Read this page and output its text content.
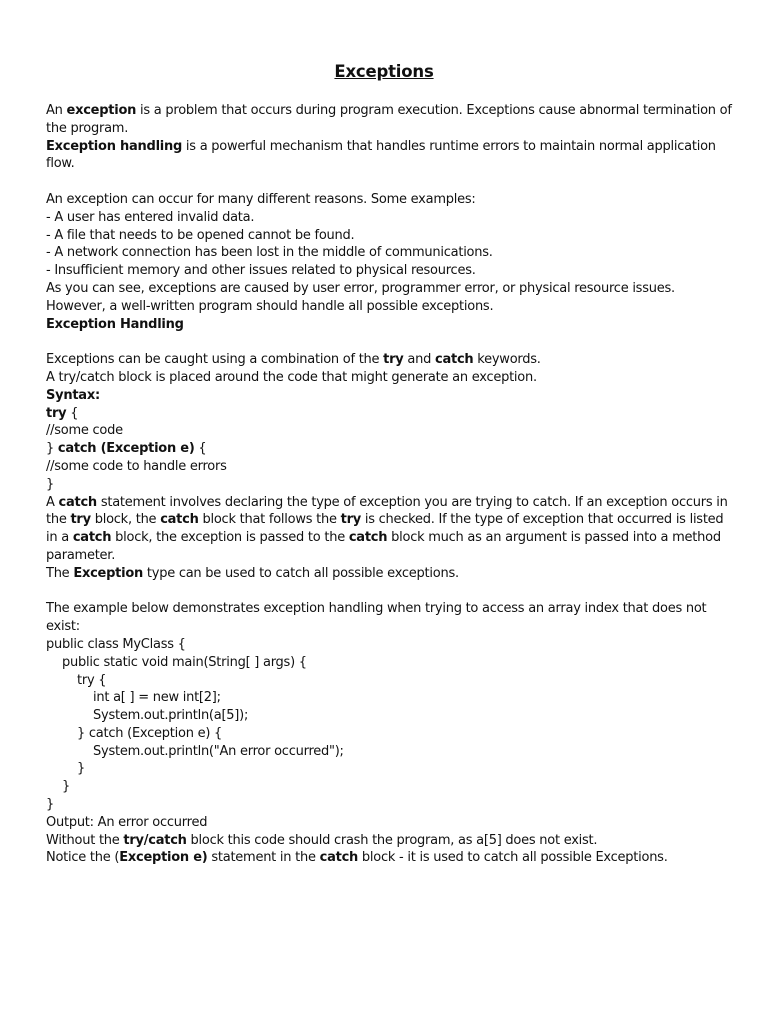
Exceptions
An exception is a problem that occurs during program execution. Exceptions cause abnormal termination of
the program.
Exception handling is a powerful mechanism that handles runtime errors to maintain normal application
flow.
An exception can occur for many different reasons. Some examples:
- A user has entered invalid data.
- A file that needs to be opened cannot be found.
- A network connection has been lost in the middle of communications.
- Insufficient memory and other issues related to physical resources.
As you can see, exceptions are caused by user error, programmer error, or physical resource issues.
However, a well-written program should handle all possible exceptions.
Exception Handling
Exceptions can be caught using a combination of the try and catch keywords.
A try/catch block is placed around the code that might generate an exception.
Syntax:
try {
//some code
} catch (Exception e) {
//some code to handle errors
}
A catch statement involves declaring the type of exception you are trying to catch. If an exception occurs in
the try block, the catch block that follows the try is checked. If the type of exception that occurred is listed
in a catch block, the exception is passed to the catch block much as an argument is passed into a method
parameter.
The Exception type can be used to catch all possible exceptions.
The example below demonstrates exception handling when trying to access an array index that does not
exist:
public class MyClass {
public static void main(String[ ] args) {
try {
int a[ ] = new int[2];
System.out.println(a[5]);
} catch (Exception e) {
System.out.println("An error occurred");
}
}
}
Output: An error occurred
Without the try/catch block this code should crash the program, as a[5] does not exist.
Notice the (Exception e) statement in the catch block - it is used to catch all possible Exceptions.
